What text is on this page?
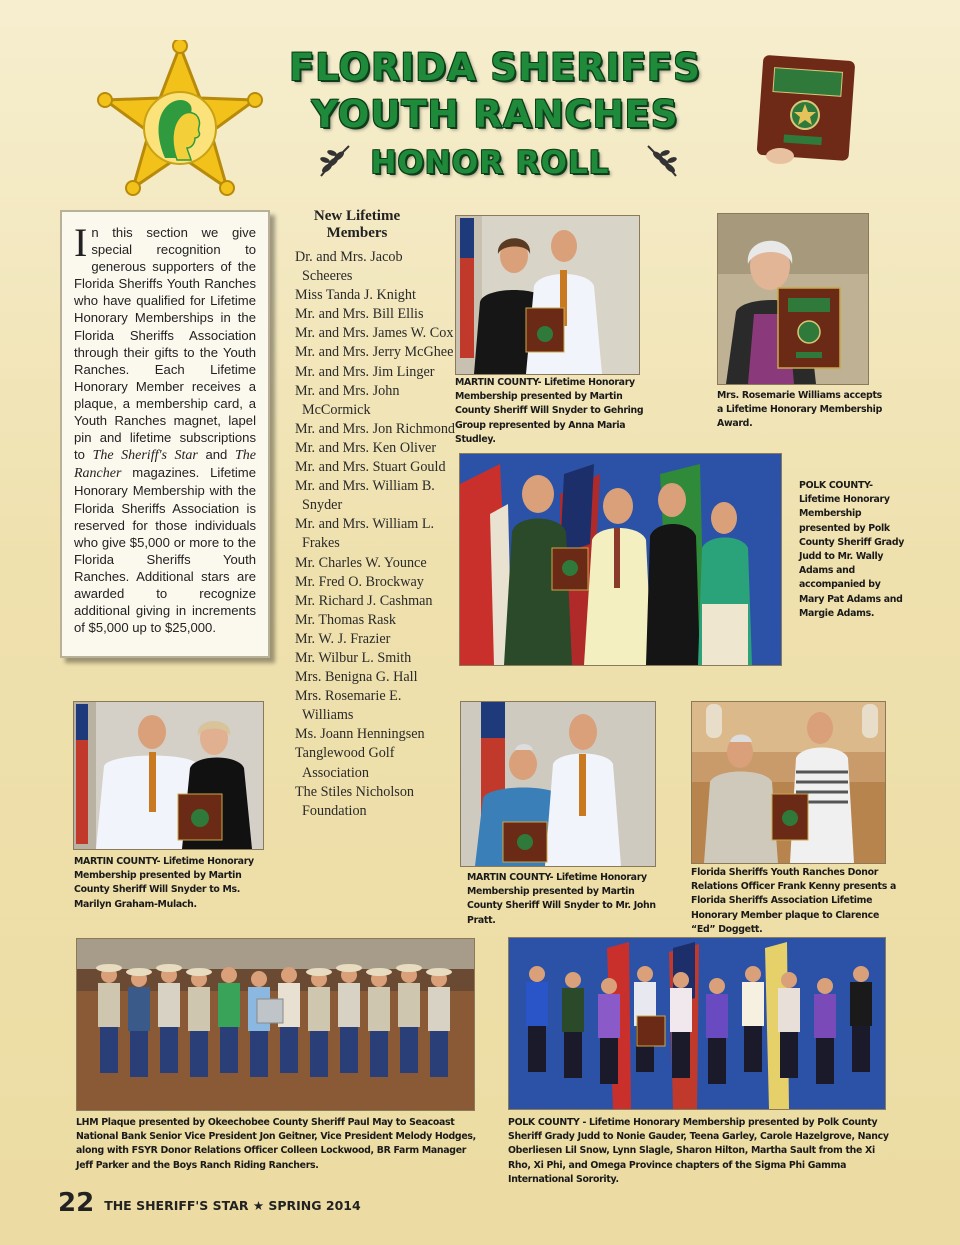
FLORIDA SHERIFFS
YOUTH RANCHES
HONOR ROLL
In this section we give special recognition to generous supporters of the Florida Sheriffs Youth Ranches who have qualified for Lifetime Honorary Memberships in the Florida Sheriffs Association through their gifts to the Youth Ranches. Each Lifetime Honorary Member receives a plaque, a membership card, a Youth Ranches magnet, lapel pin and lifetime subscriptions to The Sheriff's Star and The Rancher magazines. Lifetime Honorary Membership with the Florida Sheriffs Association is reserved for those individuals who give $5,000 or more to the Florida Sheriffs Youth Ranches. Additional stars are awarded to recognize additional giving in increments of $5,000 up to $25,000.
New Lifetime Members
Dr. and Mrs. Jacob Scheeres
Miss Tanda J. Knight
Mr. and Mrs. Bill Ellis
Mr. and Mrs. James W. Cox
Mr. and Mrs. Jerry McGhee
Mr. and Mrs. Jim Linger
Mr. and Mrs. John McCormick
Mr. and Mrs. Jon Richmond
Mr. and Mrs. Ken Oliver
Mr. and Mrs. Stuart Gould
Mr. and Mrs. William B. Snyder
Mr. and Mrs. William L. Frakes
Mr. Charles W. Younce
Mr. Fred O. Brockway
Mr. Richard J. Cashman
Mr. Thomas Rask
Mr. W. J. Frazier
Mr. Wilbur L. Smith
Mrs. Benigna G. Hall
Mrs. Rosemarie E. Williams
Ms. Joann Henningsen
Tanglewood Golf Association
The Stiles Nicholson Foundation
MARTIN COUNTY- Lifetime Honorary Membership presented by Martin County Sheriff Will Snyder to Gehring Group represented by Anna Maria Studley.
Mrs. Rosemarie Williams accepts a Lifetime Honorary Membership Award.
POLK COUNTY- Lifetime Honorary Membership presented by Polk County Sheriff Grady Judd to Mr. Wally Adams and accompanied by Mary Pat Adams and Margie Adams.
MARTIN COUNTY- Lifetime Honorary Membership presented by Martin County Sheriff Will Snyder to Ms. Marilyn Graham-Mulach.
MARTIN COUNTY- Lifetime Honorary Membership presented by Martin County Sheriff Will Snyder to Mr. John Pratt.
Florida Sheriffs Youth Ranches Donor Relations Officer Frank Kenny presents a Florida Sheriffs Association Lifetime Honorary Member plaque to Clarence “Ed” Doggett.
LHM Plaque presented by Okeechobee County Sheriff Paul May to Seacoast National Bank Senior Vice President Jon Geitner, Vice President Melody Hodges, along with FSYR Donor Relations Officer Colleen Lockwood, BR Farm Manager Jeff Parker and the Boys Ranch Riding Ranchers.
POLK COUNTY - Lifetime Honorary Membership presented by Polk County Sheriff Grady Judd to Nonie Gauder, Teena Garley, Carole Hazelgrove, Nancy Oberliesen Lil Snow, Lynn Slagle, Sharon Hilton, Martha Sault from the Xi Rho, Xi Phi, and Omega Province chapters of the Sigma Phi Gamma International Sorority.
22 THE SHERIFF'S STAR ★ SPRING 2014
